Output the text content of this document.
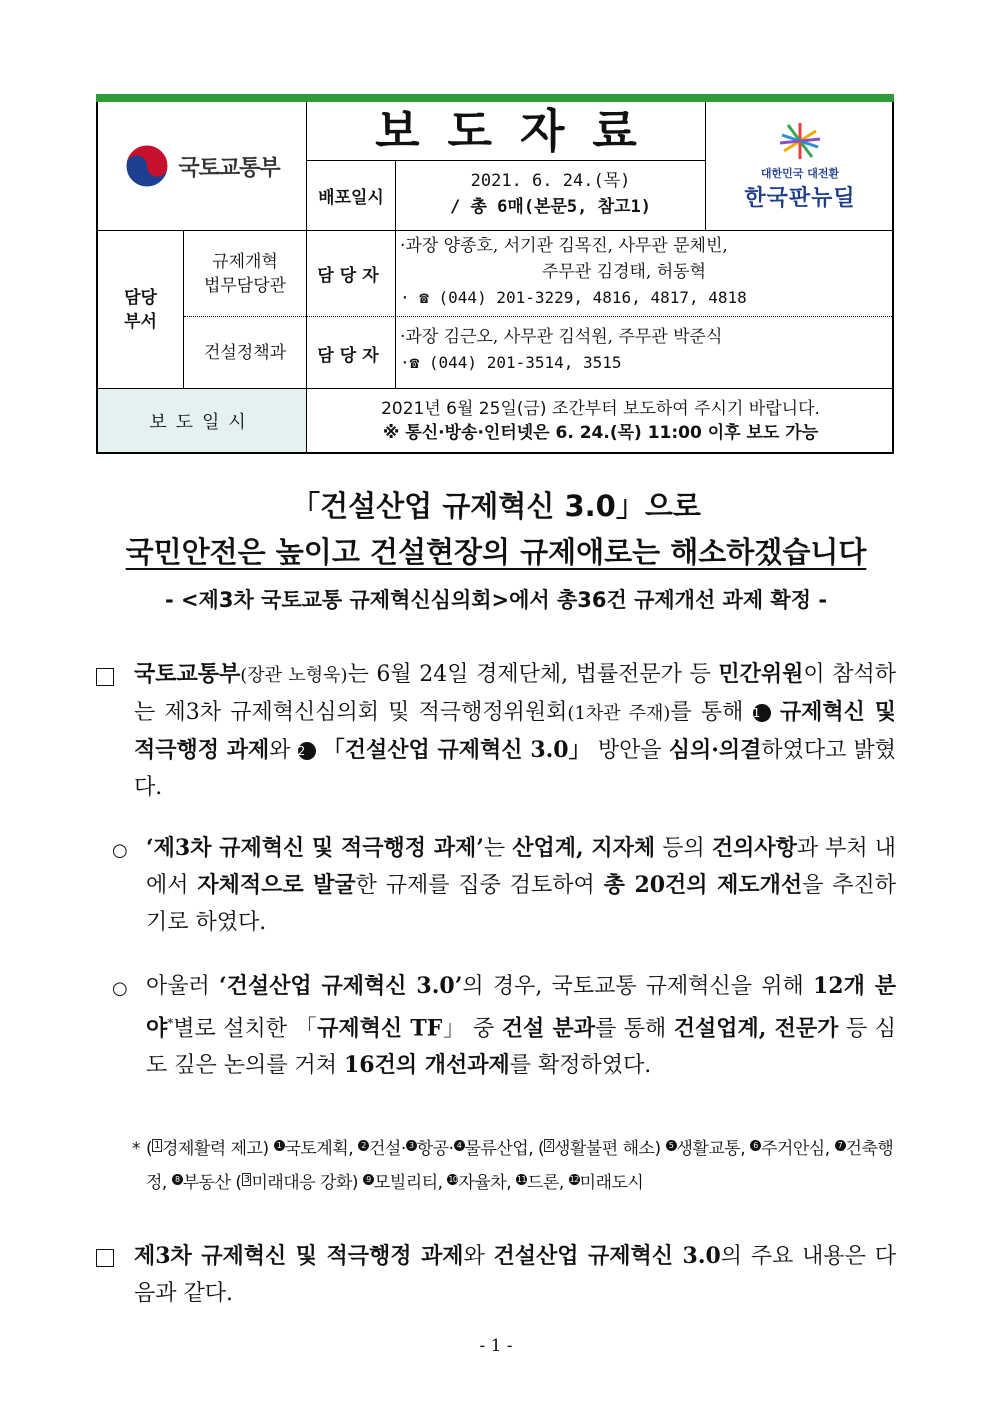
국토교통부
보도자료
배포일시
2021. 6. 24.(목)
/ 총 6매(본문5, 참고1)
대한민국 대전환
한국판뉴딜
담당 부서
규제개혁 법무담당관	담당자
·과장 양종호, 서기관 김목진, 사무관 문체빈,
주무관 김경태, 허동혁
· ☎ (044) 201-3229, 4816, 4817, 4818
건설정책과	담당자
·과장 김근오, 사무관 김석원, 주무관 박준식
·☎ (044) 201-3514, 3515
보도일시
2021년 6월 25일(금) 조간부터 보도하여 주시기 바랍니다.
※ 통신·방송·인터넷은 6. 24.(목) 11:00 이후 보도 가능
「건설산업 규제혁신 3.0」으로
국민안전은 높이고 건설현장의 규제애로는 해소하겠습니다
- <제3차 국토교통 규제혁신심의회>에서 총36건 규제개선 과제 확정 -
국토교통부(장관 노형욱)는 6월 24일 경제단체, 법률전문가 등 민간위원이 참석하는 제3차 규제혁신심의회 및 적극행정위원회(1차관 주재)를 통해 1 규제혁신 및 적극행정 과제와 2 「건설산업 규제혁신 3.0」 방안을 심의·의결하였다고 밝혔다.
○ ‘제3차 규제혁신 및 적극행정 과제’는 산업계, 지자체 등의 건의사항과 부처 내에서 자체적으로 발굴한 규제를 집중 검토하여 총 20건의 제도개선을 추진하기로 하였다.
○ 아울러 ‘건설산업 규제혁신 3.0’의 경우, 국토교통 규제혁신을 위해 12개 분야*별로 설치한 「규제혁신 TF」 중 건설 분과를 통해 건설업계, 전문가 등 심도 깊은 논의를 거쳐 16건의 개선과제를 확정하였다.
* ( 1 경제활력 제고) 1 국토계획, 2 건설· 3 항공· 4 물류산업, ( 2 생활불편 해소) 5 생활교통, 6 주거안심, 7 건축행정, 8 부동산 ( 3 미래대응 강화) 9 모빌리티, 10자율차, 11드론, 12미래도시
제3차 규제혁신 및 적극행정 과제와 건설산업 규제혁신 3.0의 주요 내용은 다음과 같다.
- 1 -
